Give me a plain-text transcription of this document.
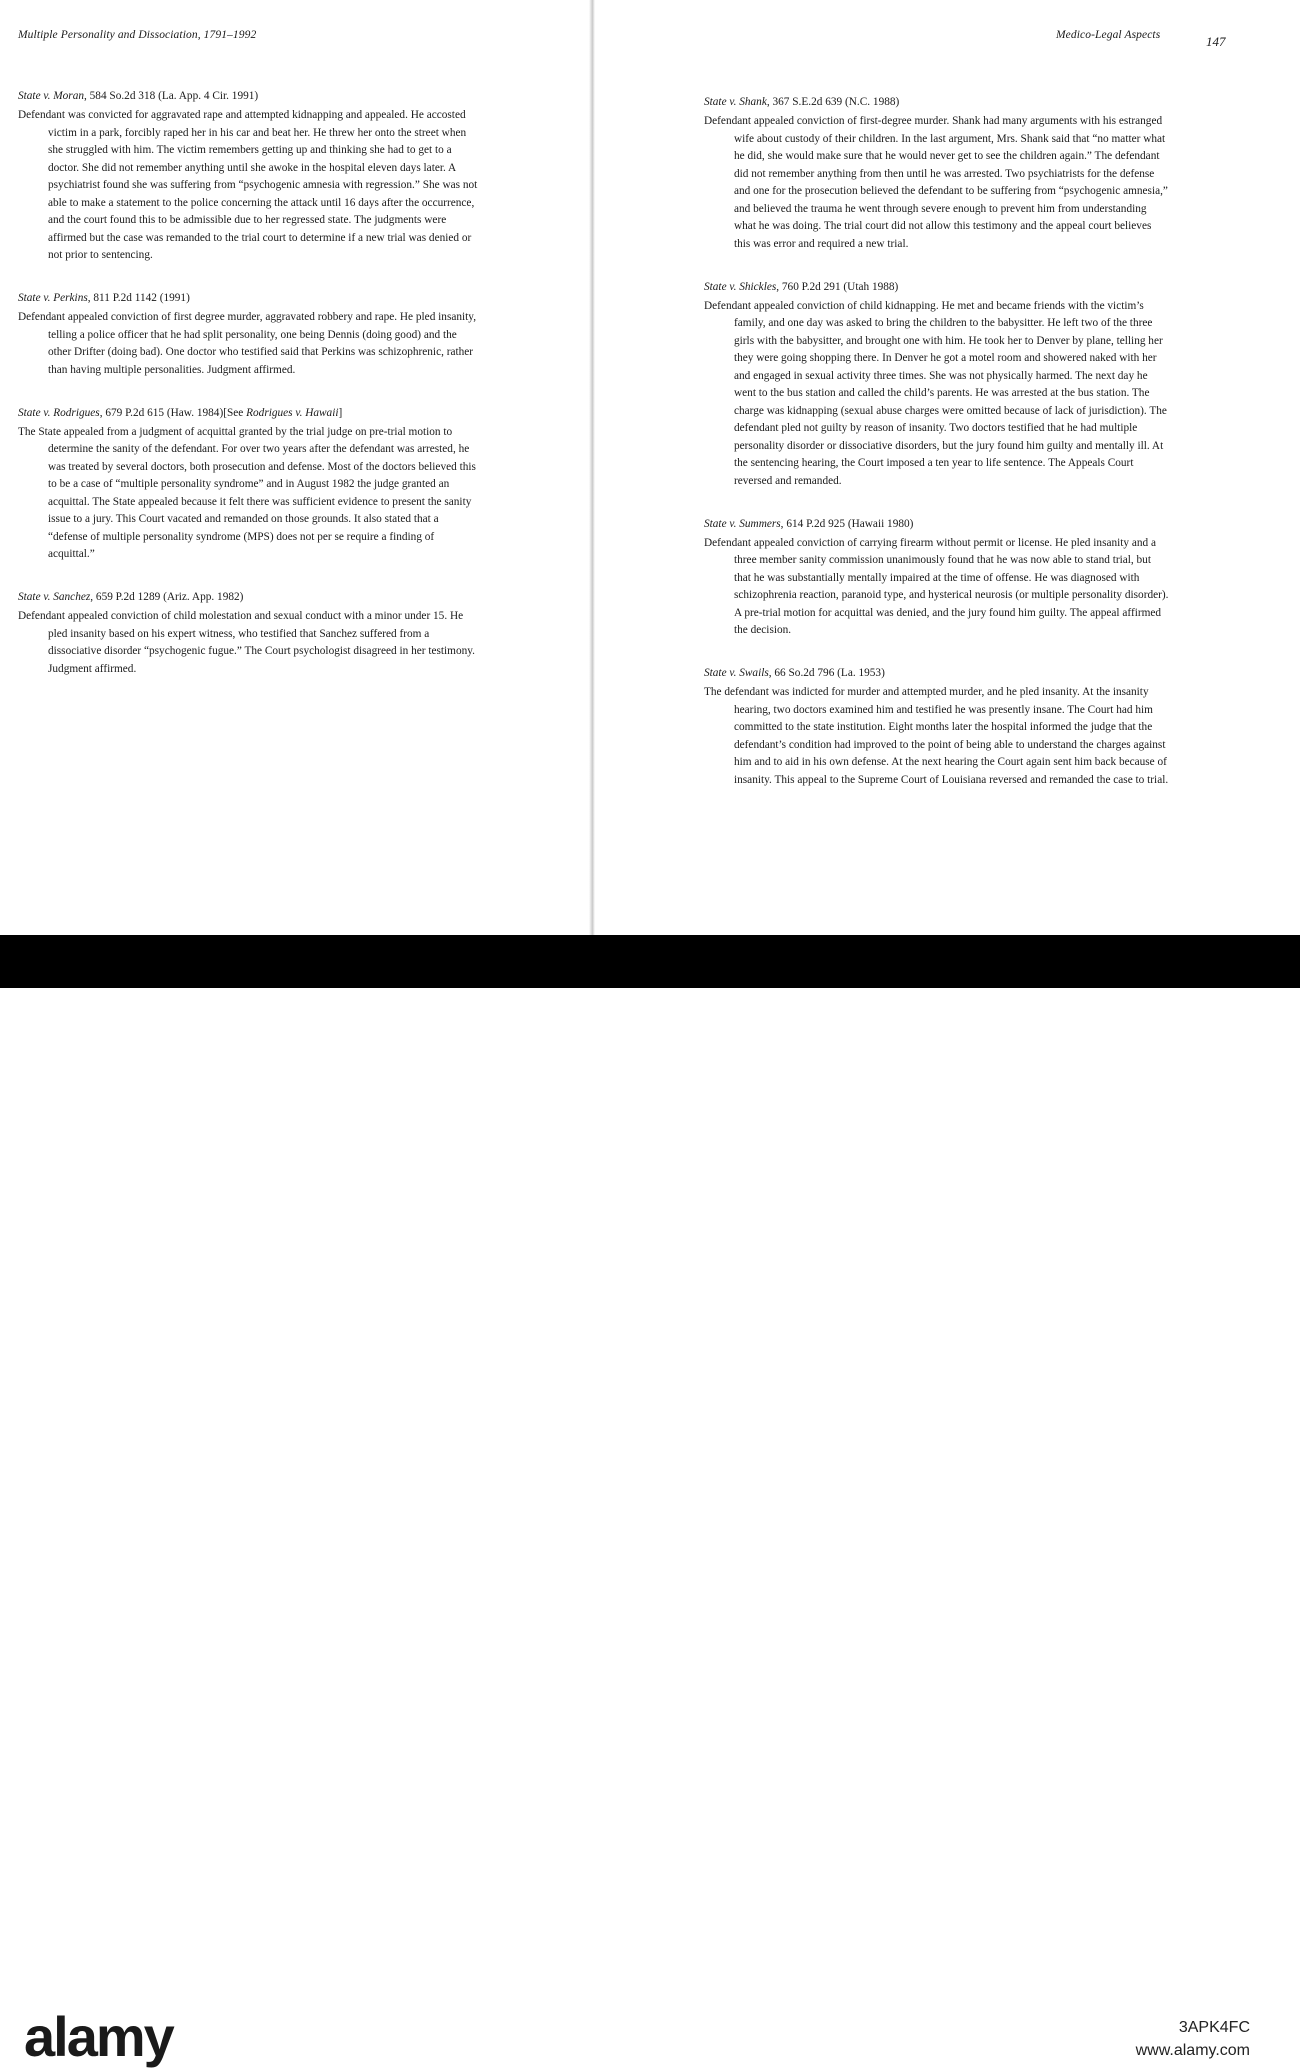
Multiple Personality and Dissociation, 1791–1992

State v. Moran, 584 So.2d 318 (La. App. 4 Cir. 1991)

Defendant was convicted for aggravated rape and attempted kidnapping and appealed. He accosted victim in a park, forcibly raped her in his car and beat her. He threw her onto the street when she struggled with him. The victim remembers getting up and thinking she had to get to a doctor. She did not remember anything until she awoke in the hospital eleven days later. A psychiatrist found she was suffering from “psychogenic amnesia with regression.” She was not able to make a statement to the police concerning the attack until 16 days after the occurrence, and the court found this to be admissible due to her regressed state. The judgments were affirmed but the case was remanded to the trial court to determine if a new trial was denied or not prior to sentencing.

State v. Perkins, 811 P.2d 1142 (1991)

Defendant appealed conviction of first degree murder, aggravated robbery and rape. He pled insanity, telling a police officer that he had split personality, one being Dennis (doing good) and the other Drifter (doing bad). One doctor who testified said that Perkins was schizophrenic, rather than having multiple personalities. Judgment affirmed.

State v. Rodrigues, 679 P.2d 615 (Haw. 1984)[See Rodrigues v. Hawaii]

The State appealed from a judgment of acquittal granted by the trial judge on pre-trial motion to determine the sanity of the defendant. For over two years after the defendant was arrested, he was treated by several doctors, both prosecution and defense. Most of the doctors believed this to be a case of “multiple personality syndrome” and in August 1982 the judge granted an acquittal. The State appealed because it felt there was sufficient evidence to present the sanity issue to a jury. This Court vacated and remanded on those grounds. It also stated that a “defense of multiple personality syndrome (MPS) does not per se require a finding of acquittal.”

State v. Sanchez, 659 P.2d 1289 (Ariz. App. 1982)

Defendant appealed conviction of child molestation and sexual conduct with a minor under 15. He pled insanity based on his expert witness, who testified that Sanchez suffered from a dissociative disorder “psychogenic fugue.” The Court psychologist disagreed in her testimony. Judgment affirmed.

Medico-Legal Aspects	147

State v. Shank, 367 S.E.2d 639 (N.C. 1988)

Defendant appealed conviction of first-degree murder. Shank had many arguments with his estranged wife about custody of their children. In the last argument, Mrs. Shank said that “no matter what he did, she would make sure that he would never get to see the children again.” The defendant did not remember anything from then until he was arrested. Two psychiatrists for the defense and one for the prosecution believed the defendant to be suffering from “psychogenic amnesia,” and believed the trauma he went through severe enough to prevent him from understanding what he was doing. The trial court did not allow this testimony and the appeal court believes this was error and required a new trial.

State v. Shickles, 760 P.2d 291 (Utah 1988)

Defendant appealed conviction of child kidnapping. He met and became friends with the victim’s family, and one day was asked to bring the children to the babysitter. He left two of the three girls with the babysitter, and brought one with him. He took her to Denver by plane, telling her they were going shopping there. In Denver he got a motel room and showered naked with her and engaged in sexual activity three times. She was not physically harmed. The next day he went to the bus station and called the child’s parents. He was arrested at the bus station. The charge was kidnapping (sexual abuse charges were omitted because of lack of jurisdiction). The defendant pled not guilty by reason of insanity. Two doctors testified that he had multiple personality disorder or dissociative disorders, but the jury found him guilty and mentally ill. At the sentencing hearing, the Court imposed a ten year to life sentence. The Appeals Court reversed and remanded.

State v. Summers, 614 P.2d 925 (Hawaii 1980)

Defendant appealed conviction of carrying firearm without permit or license. He pled insanity and a three member sanity commission unanimously found that he was now able to stand trial, but that he was substantially mentally impaired at the time of offense. He was diagnosed with schizophrenia reaction, paranoid type, and hysterical neurosis (or multiple personality disorder). A pre-trial motion for acquittal was denied, and the jury found him guilty. The appeal affirmed the decision.

State v. Swails, 66 So.2d 796 (La. 1953)

The defendant was indicted for murder and attempted murder, and he pled insanity. At the insanity hearing, two doctors examined him and testified he was presently insane. The Court had him committed to the state institution. Eight months later the hospital informed the judge that the defendant’s condition had improved to the point of being able to understand the charges against him and to aid in his own defense. At the next hearing the Court again sent him back because of insanity. This appeal to the Supreme Court of Louisiana reversed and remanded the case to trial.

alamy	3APK4FC
www.alamy.com
